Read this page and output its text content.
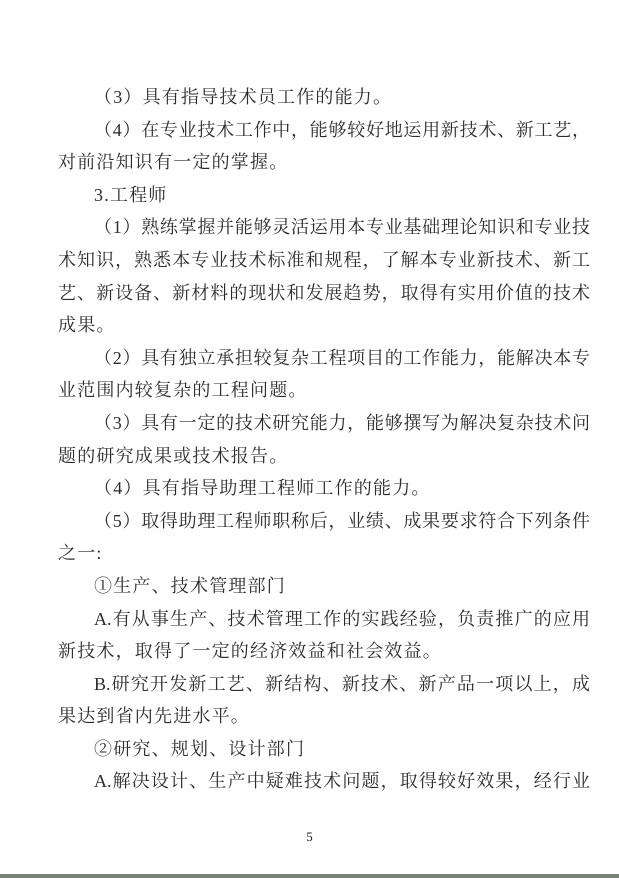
（3）具有指导技术员工作的能力。
（4）在专业技术工作中，能够较好地运用新技术、新工艺，
对前沿知识有一定的掌握。
3.工程师
（1）熟练掌握并能够灵活运用本专业基础理论知识和专业技
术知识，熟悉本专业技术标准和规程，了解本专业新技术、新工
艺、新设备、新材料的现状和发展趋势，取得有实用价值的技术
成果。
（2）具有独立承担较复杂工程项目的工作能力，能解决本专
业范围内较复杂的工程问题。
（3）具有一定的技术研究能力，能够撰写为解决复杂技术问
题的研究成果或技术报告。
（4）具有指导助理工程师工作的能力。
（5）取得助理工程师职称后，业绩、成果要求符合下列条件
之一:
①生产、技术管理部门
A.有从事生产、技术管理工作的实践经验，负责推广的应用
新技术，取得了一定的经济效益和社会效益。
B.研究开发新工艺、新结构、新技术、新产品一项以上，成
果达到省内先进水平。
②研究、规划、设计部门
A.解决设计、生产中疑难技术问题，取得较好效果，经行业
5
